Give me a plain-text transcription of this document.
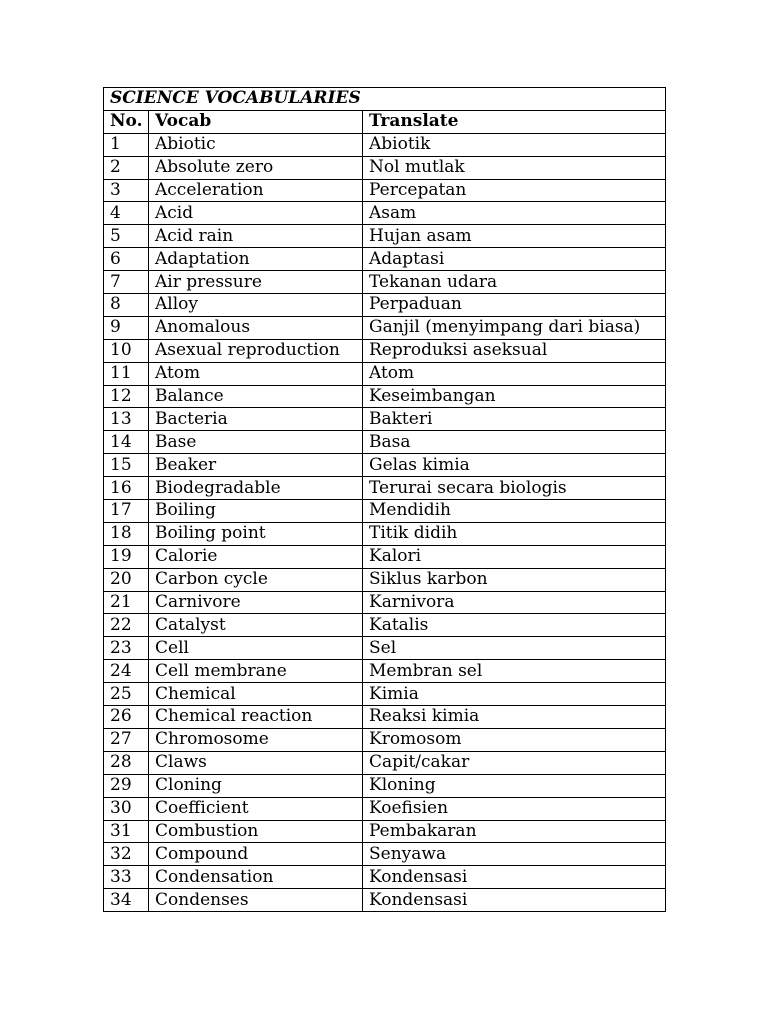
SCIENCE VOCABULARIES		
No.	Vocab	Translate
1	Abiotic	Abiotik
2	Absolute zero	Nol mutlak
3	Acceleration	Percepatan
4	Acid	Asam
5	Acid rain	Hujan asam
6	Adaptation	Adaptasi
7	Air pressure	Tekanan udara
8	Alloy	Perpaduan
9	Anomalous	Ganjil (menyimpang dari biasa)
10	Asexual reproduction	Reproduksi aseksual
11	Atom	Atom
12	Balance	Keseimbangan
13	Bacteria	Bakteri
14	Base	Basa
15	Beaker	Gelas kimia
16	Biodegradable	Terurai secara biologis
17	Boiling	Mendidih
18	Boiling point	Titik didih
19	Calorie	Kalori
20	Carbon cycle	Siklus karbon
21	Carnivore	Karnivora
22	Catalyst	Katalis
23	Cell	Sel
24	Cell membrane	Membran sel
25	Chemical	Kimia
26	Chemical reaction	Reaksi kimia
27	Chromosome	Kromosom
28	Claws	Capit/cakar
29	Cloning	Kloning
30	Coefficient	Koefisien
31	Combustion	Pembakaran
32	Compound	Senyawa
33	Condensation	Kondensasi
34	Condenses	Kondensasi
